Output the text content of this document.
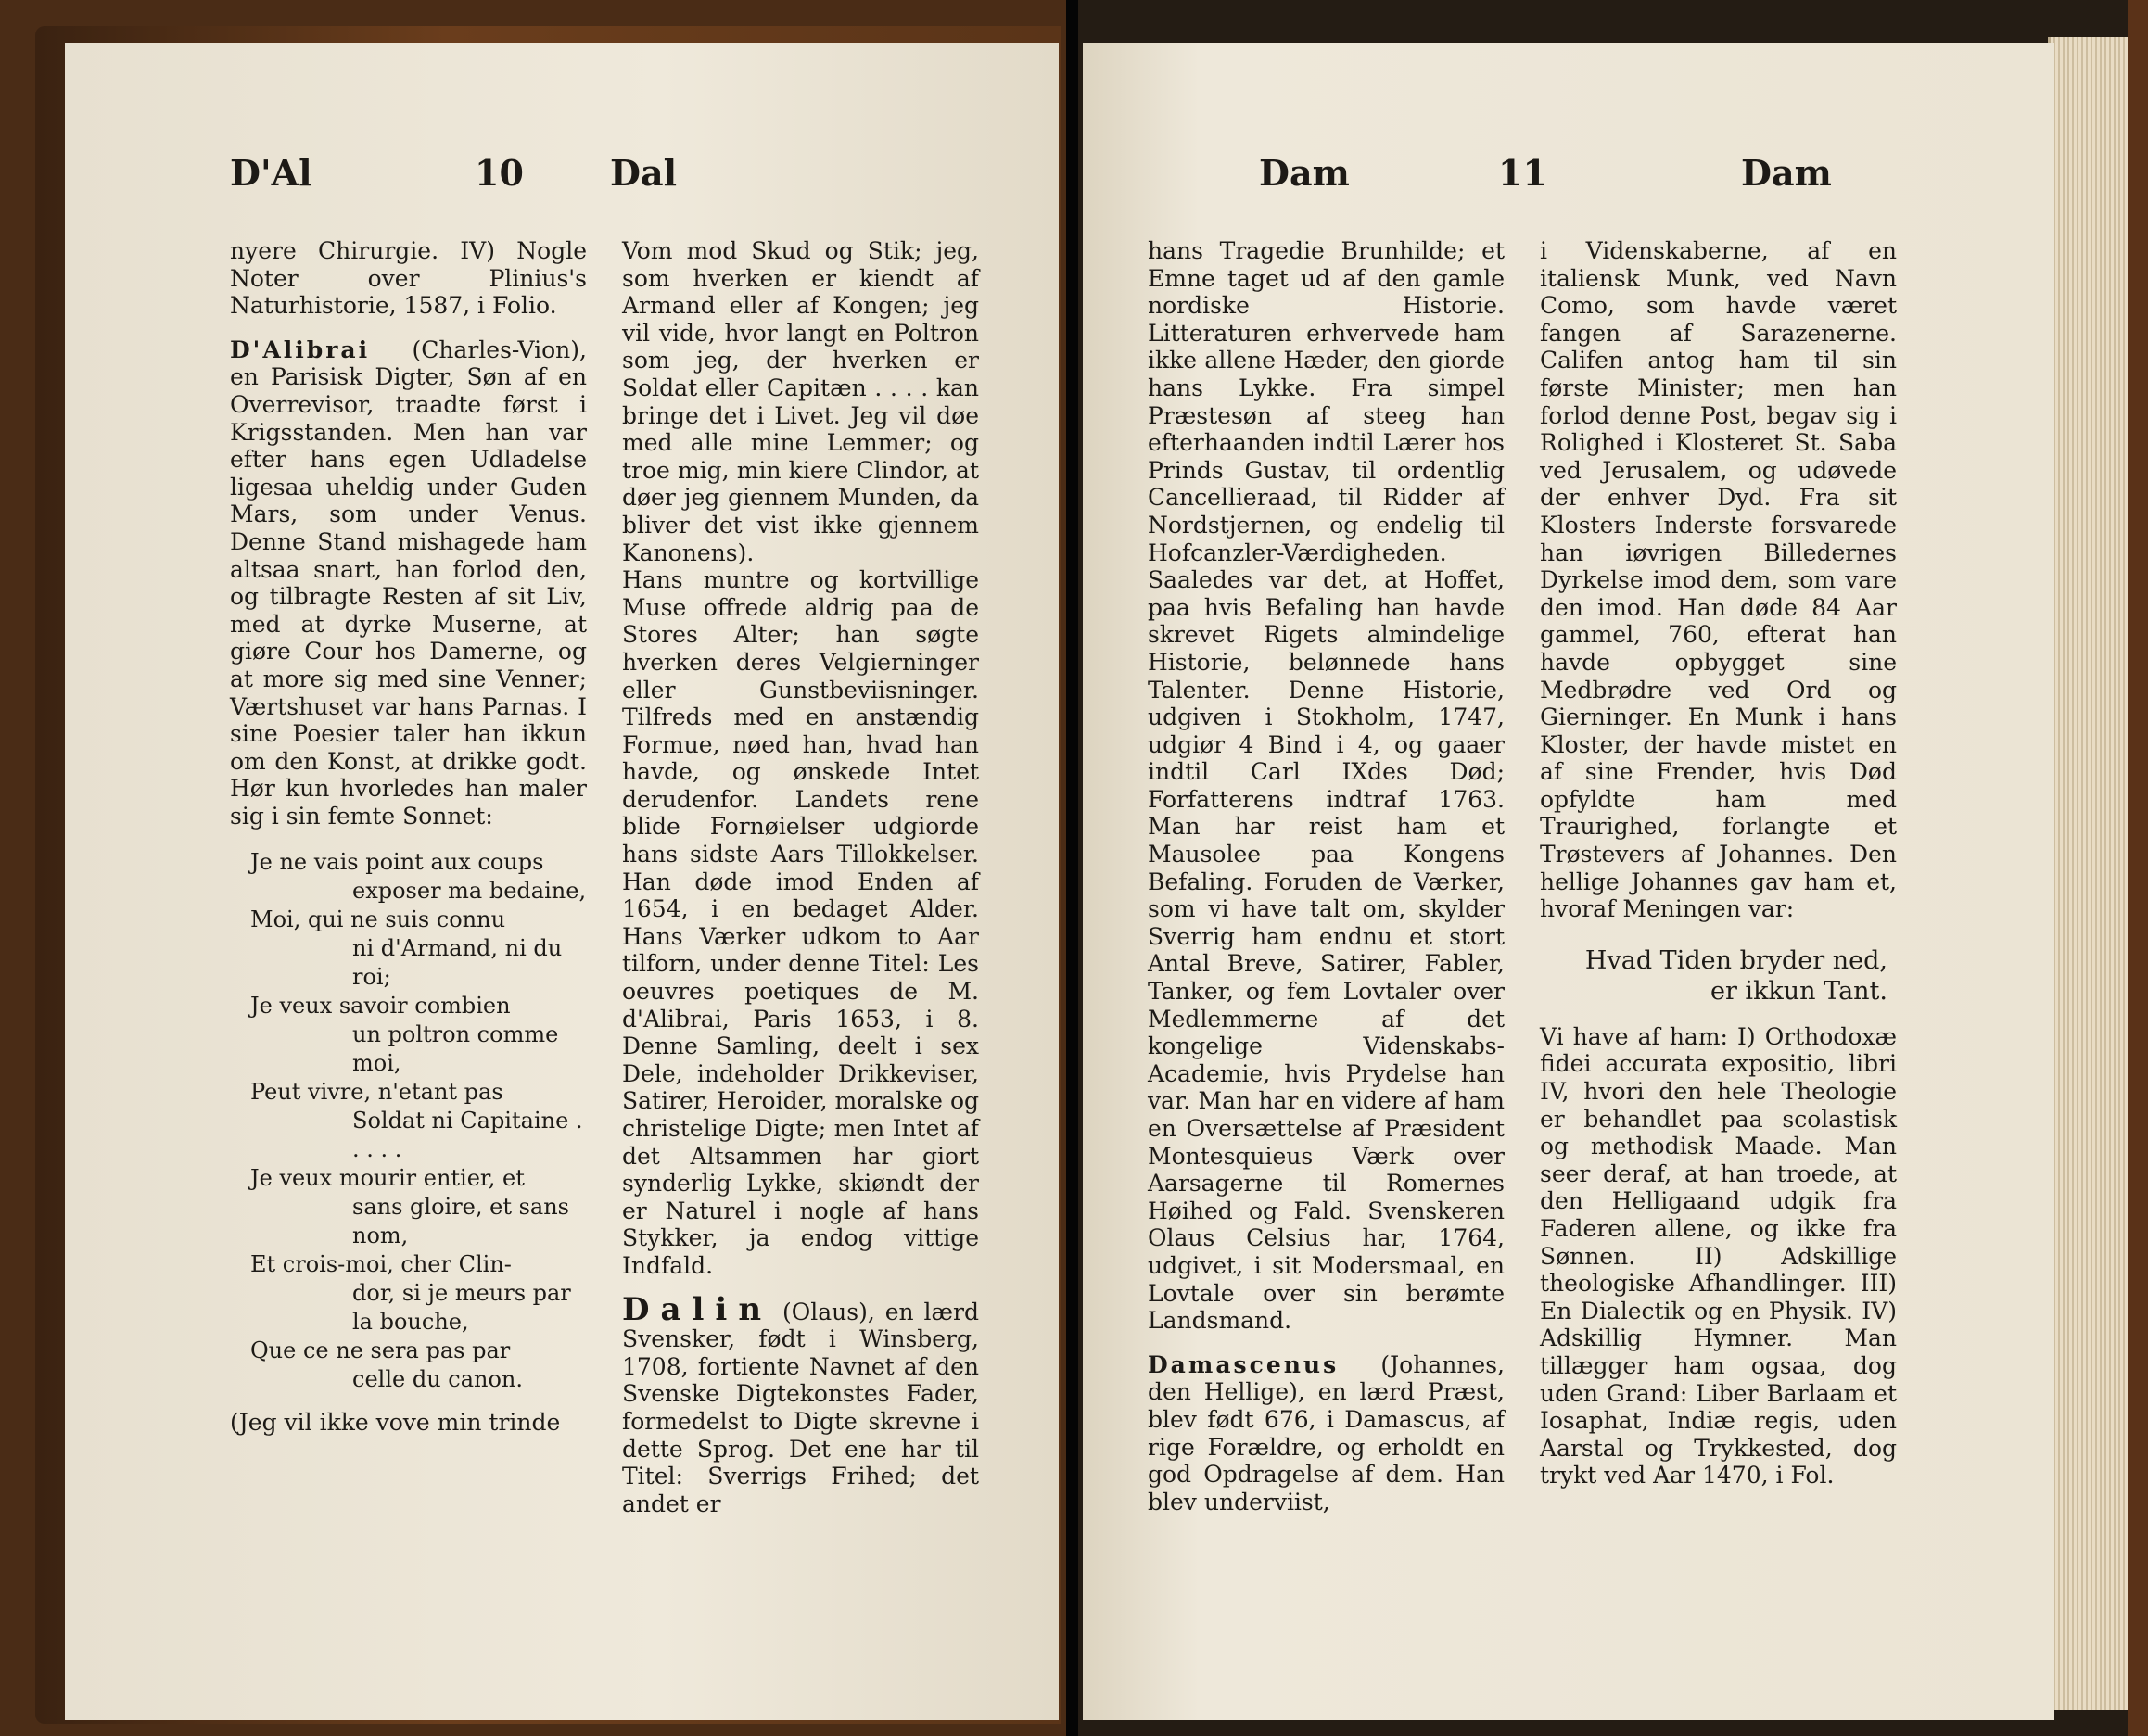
D'Al	10 Dal

nyere Chirurgie. IV) Nogle Noter over Plinius's Naturhistorie, 1587, i Folio.

D'Alibrai (Charles-Vion), en Parisisk Digter, Søn af en Overrevisor, traadte først i Krigsstanden. Men han var efter hans egen Udladelse ligesaa uheldig under Guden Mars, som under Venus. Denne Stand mishagede ham altsaa snart, han forlod den, og tilbragte Resten af sit Liv, med at dyrke Muserne, at giøre Cour hos Damerne, og at more sig med sine Venner; Værtshuset var hans Parnas. I sine Poesier taler han ikkun om den Konst, at drikke godt. Hør kun hvorledes han maler sig i sin femte Sonnet:

Je ne vais point aux coups
exposer ma bedaine,
Moi, qui ne suis connu
ni d'Armand, ni du roi;
Je veux savoir combien
un poltron comme moi,
Peut vivre, n'etant pas
Soldat ni Capitaine . . . . .
Je veux mourir entier, et
sans gloire, et sans nom,
Et crois-moi, cher Clin-
dor, si je meurs par la bouche,
Que ce ne sera pas par
celle du canon.

(Jeg vil ikke vove min trinde

Vom mod Skud og Stik; jeg, som hverken er kiendt af Armand eller af Kongen; jeg vil vide, hvor langt en Poltron som jeg, der hverken er Soldat eller Capitæn . . . . kan bringe det i Livet. Jeg vil døe med alle mine Lemmer; og troe mig, min kiere Clindor, at døer jeg giennem Munden, da bliver det vist ikke gjennem Kanonens).

Hans muntre og kortvillige Muse offrede aldrig paa de Stores Alter; han søgte hverken deres Velgierninger eller Gunstbeviisninger. Tilfreds med en anstændig Formue, nøed han, hvad han havde, og ønskede Intet derudenfor. Landets rene blide Fornøielser udgiorde hans sidste Aars Tillokkelser. Han døde imod Enden af 1654, i en bedaget Alder. Hans Værker udkom to Aar tilforn, under denne Titel: Les oeuvres poetiques de M. d'Alibrai, Paris 1653, i 8. Denne Samling, deelt i sex Dele, indeholder Drikkeviser, Satirer, Heroider, moralske og christelige Digte; men Intet af det Altsammen har giort synderlig Lykke, skiøndt der er Naturel i nogle af hans Stykker, ja endog vittige Indfald.

Dalin (Olaus), en lærd Svensker, født i Winsberg, 1708, fortiente Navnet af den Svenske Digtekonstes Fader, formedelst to Digte skrevne i dette Sprog. Det ene har til Titel: Sverrigs Frihed; det andet er

Dam	11	Dam

hans Tragedie Brunhilde; et Emne taget ud af den gamle nordiske Historie. Litteraturen erhvervede ham ikke allene Hæder, den giorde hans Lykke. Fra simpel Præstesøn af steeg han efterhaanden indtil Lærer hos Prinds Gustav, til ordentlig Cancellieraad, til Ridder af Nordstjernen, og endelig til Hofcanzler-Værdigheden. Saaledes var det, at Hoffet, paa hvis Befaling han havde skrevet Rigets almindelige Historie, belønnede hans Talenter. Denne Historie, udgiven i Stokholm, 1747, udgiør 4 Bind i 4, og gaaer indtil Carl IXdes Død; Forfatterens indtraf 1763. Man har reist ham et Mausolee paa Kongens Befaling. Foruden de Værker, som vi have talt om, skylder Sverrig ham endnu et stort Antal Breve, Satirer, Fabler, Tanker, og fem Lovtaler over Medlemmerne af det kongelige Videnskabs-Academie, hvis Prydelse han var. Man har en videre af ham en Oversættelse af Præsident Montesquieus Værk over Aarsagerne til Romernes Høihed og Fald. Svenskeren Olaus Celsius har, 1764, udgivet, i sit Modersmaal, en Lovtale over sin berømte Landsmand.

Damascenus (Johannes, den Hellige), en lærd Præst, blev født 676, i Damascus, af rige Forældre, og erholdt en god Opdragelse af dem. Han blev underviist,

i Videnskaberne, af en italiensk Munk, ved Navn Como, som havde været fangen af Sarazenerne. Califen antog ham til sin første Minister; men han forlod denne Post, begav sig i Rolighed i Klosteret St. Saba ved Jerusalem, og udøvede der enhver Dyd. Fra sit Klosters Inderste forsvarede han iøvrigen Billedernes Dyrkelse imod dem, som vare den imod. Han døde 84 Aar gammel, 760, efterat han havde opbygget sine Medbrødre ved Ord og Gierninger. En Munk i hans Kloster, der havde mistet en af sine Frender, hvis Død opfyldte ham med Traurighed, forlangte et Trøstevers af Johannes. Den hellige Johannes gav ham et, hvoraf Meningen var:

Hvad Tiden bryder ned,
er ikkun Tant.

Vi have af ham: I) Orthodoxæ fidei accurata expositio, libri IV, hvori den hele Theologie er behandlet paa scolastisk og methodisk Maade. Man seer deraf, at han troede, at den Helligaand udgik fra Faderen allene, og ikke fra Sønnen. II) Adskillige theologiske Afhandlinger. III) En Dialectik og en Physik. IV) Adskillig Hymner. Man tillægger ham ogsaa, dog uden Grand: Liber Barlaam et Iosaphat, Indiæ regis, uden Aarstal og Trykkested, dog trykt ved Aar 1470, i Fol.
